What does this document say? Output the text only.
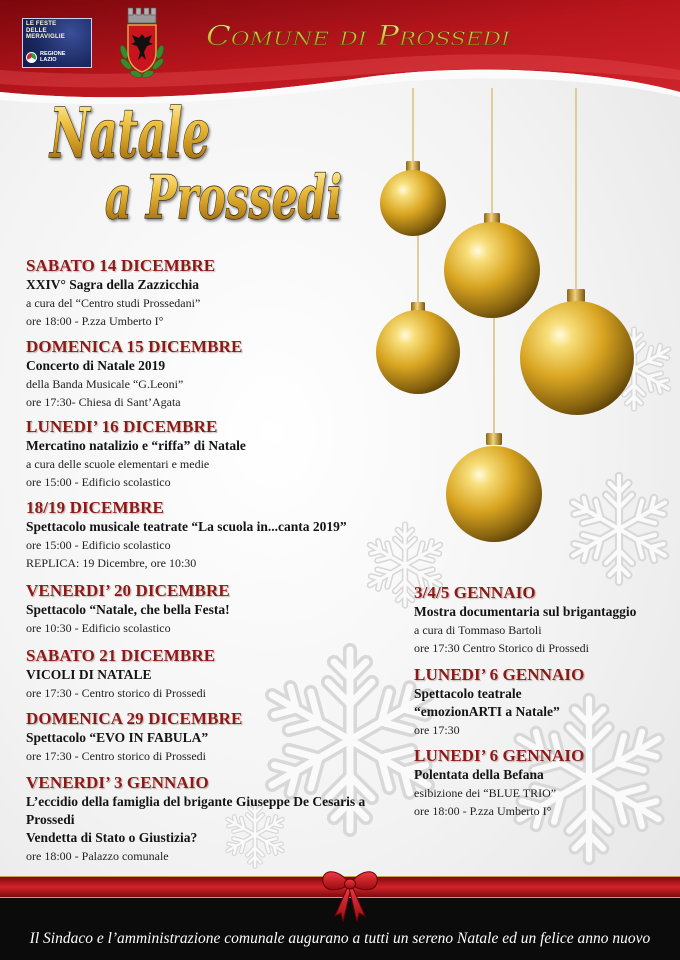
Comune di Prossedi
LE FESTE
DELLE
MERAVIGLIE
REGIONE
LAZIO
Natale
a Prossedi
SABATO 14 DICEMBRE
XXIV° Sagra della Zazzicchia
a cura del “Centro studi Prossedani”
ore 18:00 - P.zza Umberto I°
DOMENICA 15 DICEMBRE
Concerto di Natale 2019
della Banda Musicale “G.Leoni”
ore 17:30- Chiesa di Sant’Agata
LUNEDI’ 16 DICEMBRE
Mercatino natalizio e “riffa” di Natale
a cura delle scuole elementari e medie
ore 15:00 - Edificio scolastico
18/19 DICEMBRE
Spettacolo musicale teatrate “La scuola in...canta 2019”
ore 15:00 - Edificio scolastico
REPLICA: 19 Dicembre, ore 10:30
VENERDI’ 20 DICEMBRE
Spettacolo “Natale, che bella Festa!
ore 10:30 - Edificio scolastico
SABATO 21 DICEMBRE
VICOLI DI NATALE
ore 17:30 - Centro storico di Prossedi
DOMENICA 29 DICEMBRE
Spettacolo “EVO IN FABULA”
ore 17:30 - Centro storico di Prossedi
VENERDI’ 3 GENNAIO
L’eccidio della famiglia del brigante Giuseppe De Cesaris a
Prossedi
Vendetta di Stato o Giustizia?
ore 18:00 - Palazzo comunale
3/4/5 GENNAIO
Mostra documentaria sul brigantaggio
a cura di Tommaso Bartoli
ore 17:30 Centro Storico di Prossedi
LUNEDI’ 6 GENNAIO
Spettacolo teatrale
“emozionARTI a Natale”
ore 17:30
LUNEDI’ 6 GENNAIO
Polentata della Befana
esibizione dei “BLUE TRIO”
ore 18:00 - P.zza Umberto I°
Il Sindaco e l’amministrazione comunale augurano a tutti un sereno Natale ed un felice anno nuovo
